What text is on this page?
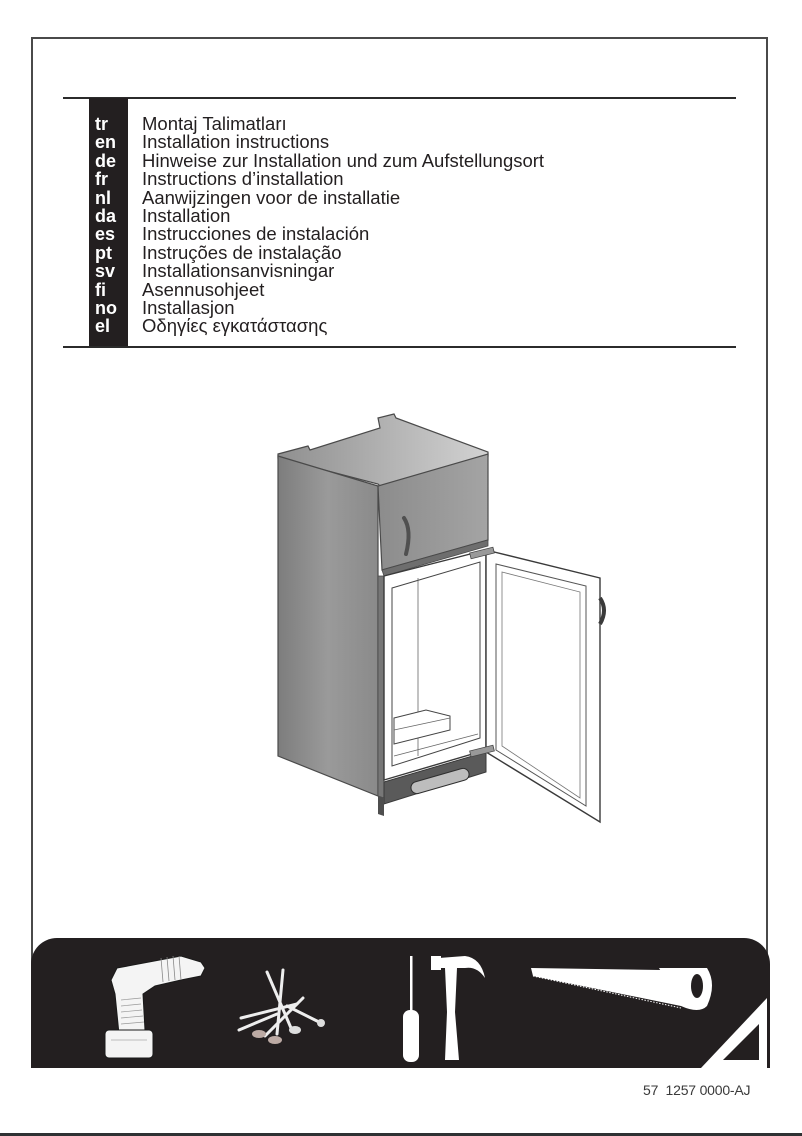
tr
en
de
fr
nl
da
es
pt
sv
fi
no
el
Montaj Talimatları
Installation instructions
Hinweise zur Installation und zum Aufstellungsort
Instructions d’installation
Aanwijzingen voor de installatie
Installation
Instrucciones de instalación
Instruções de instalação
Installationsanvisningar
Asennusohjeet
Installasjon
Οδηγίες εγκατάστασης
57  1257 0000-AJ
